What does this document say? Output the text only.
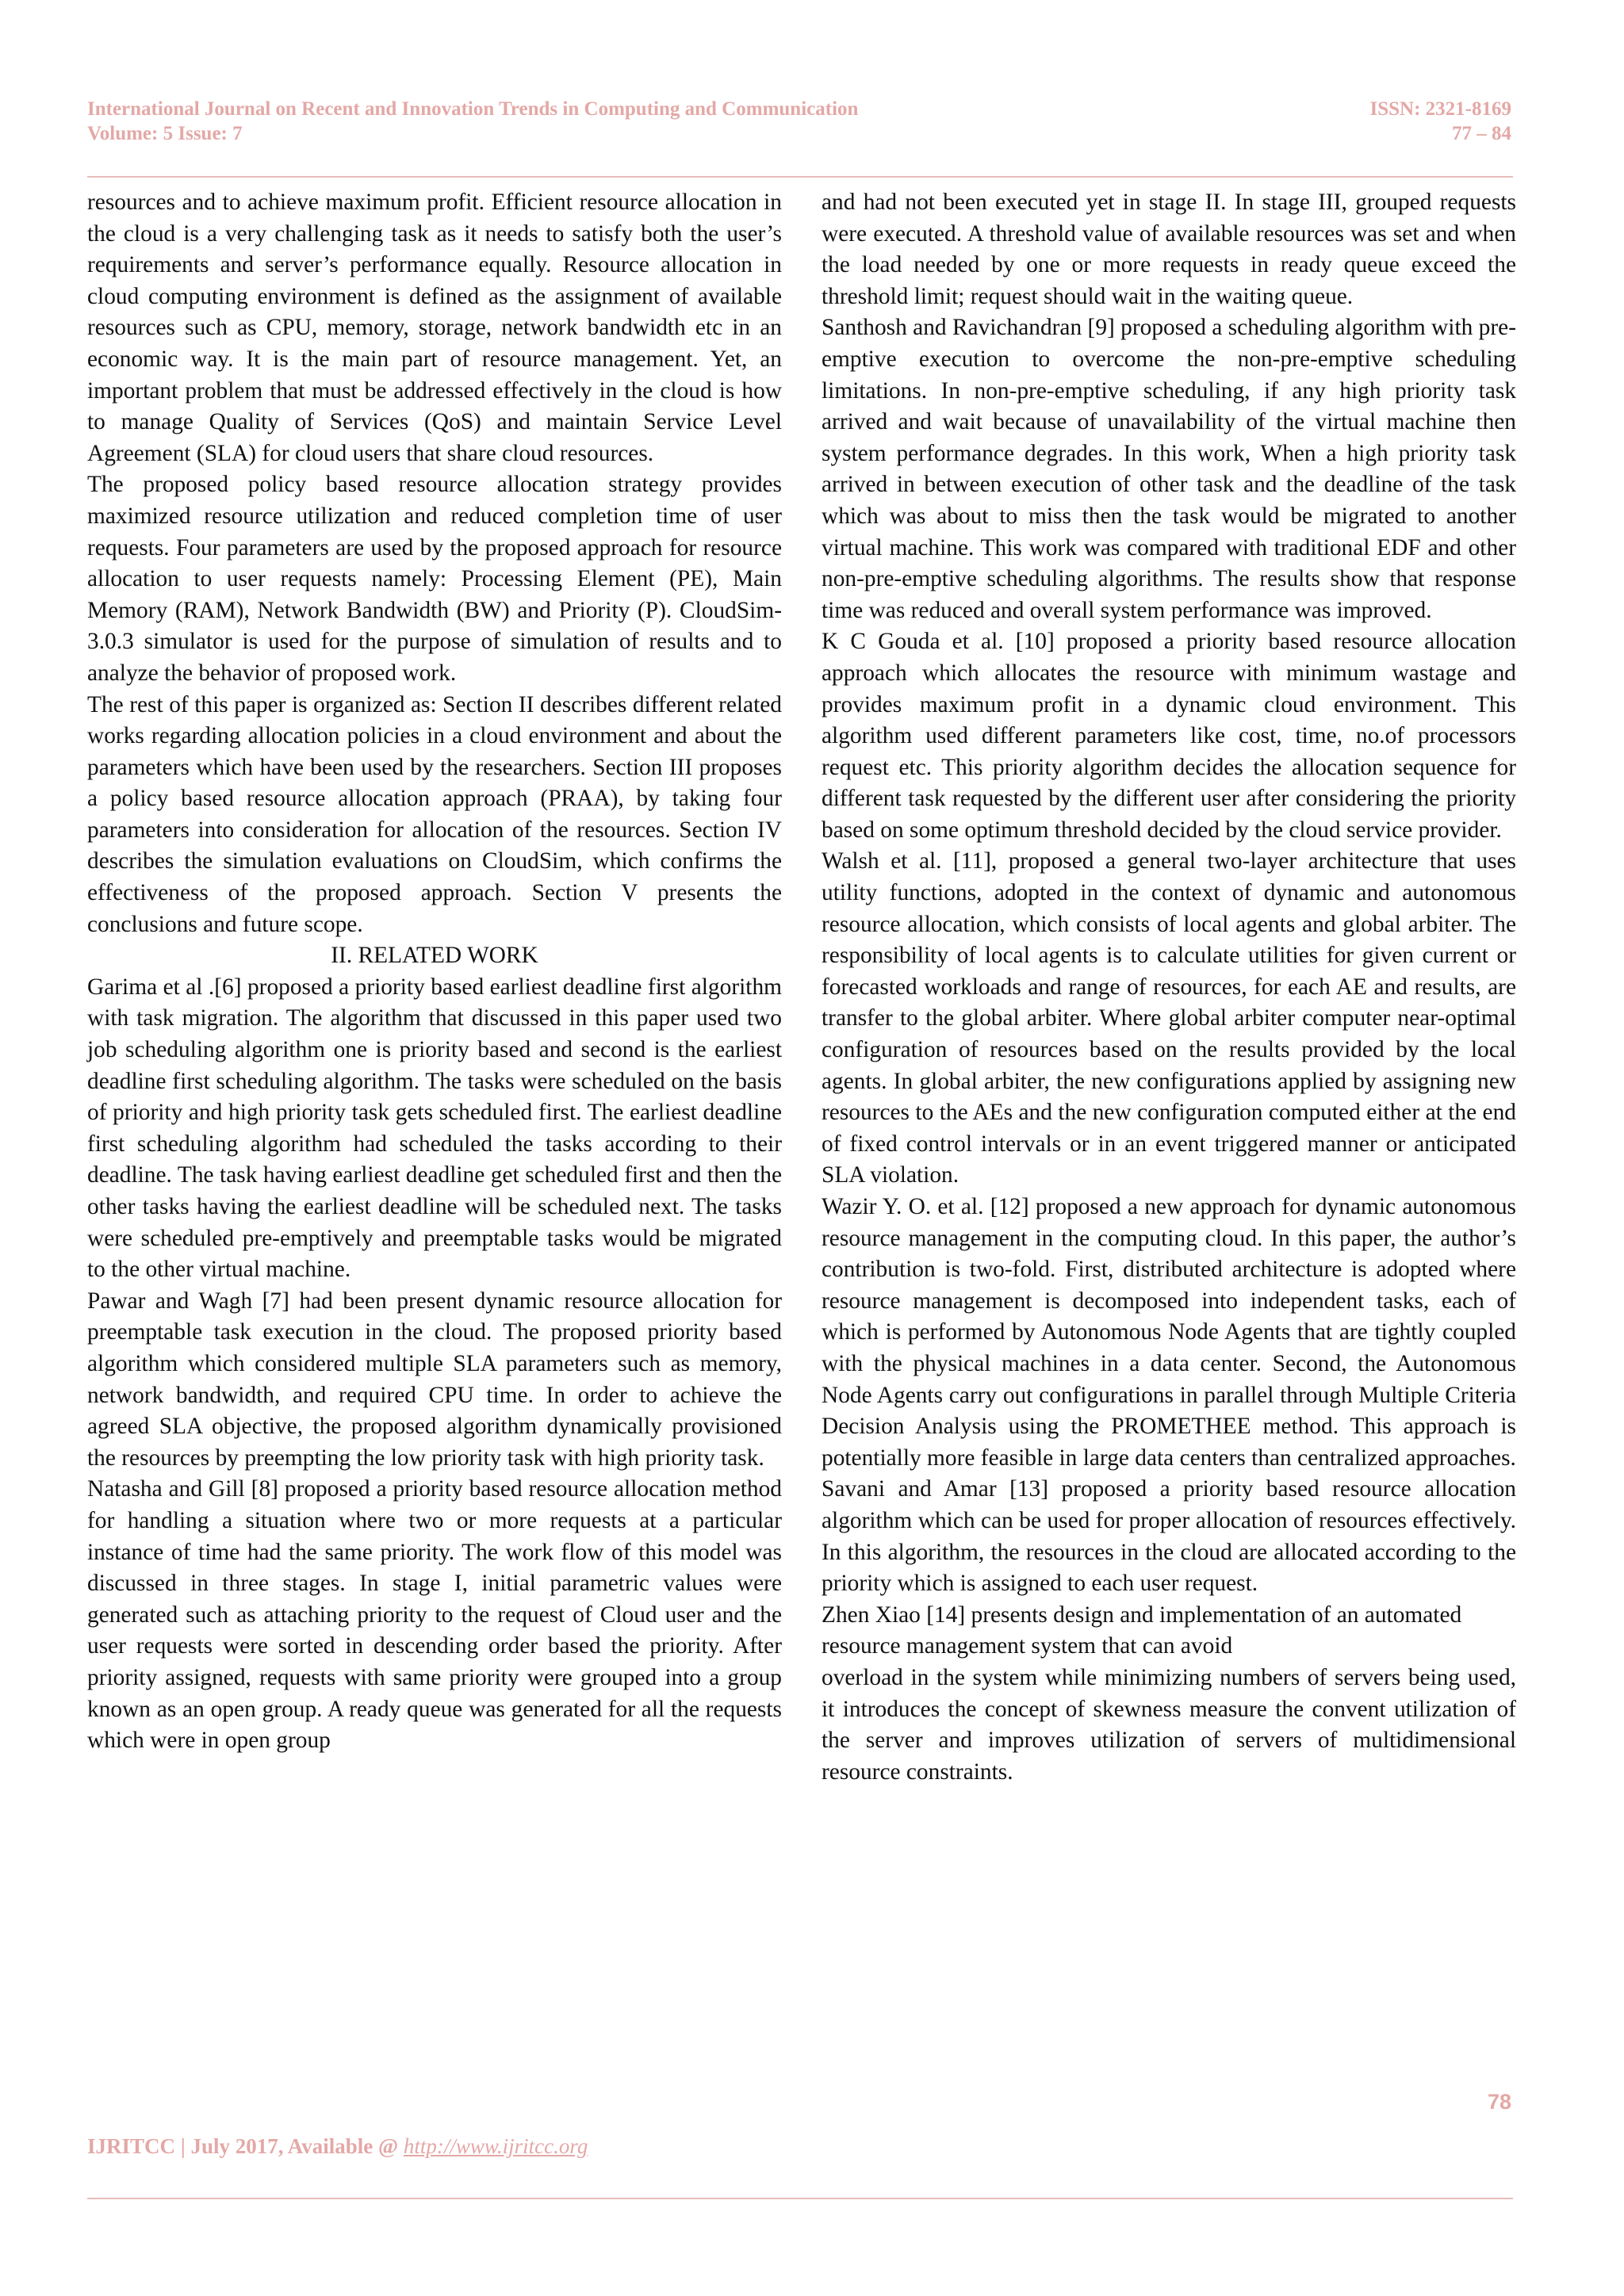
International Journal on Recent and Innovation Trends in Computing and Communication
Volume: 5 Issue: 7
ISSN: 2321-8169
77 – 84

resources and to achieve maximum profit. Efficient resource allocation in the cloud is a very challenging task as it needs to satisfy both the user’s requirements and server’s performance equally. Resource allocation in cloud computing environment is defined as the assignment of available resources such as CPU, memory, storage, network bandwidth etc in an economic way. It is the main part of resource management. Yet, an important problem that must be addressed effectively in the cloud is how to manage Quality of Services (QoS) and maintain Service Level Agreement (SLA) for cloud users that share cloud resources.

The proposed policy based resource allocation strategy provides maximized resource utilization and reduced completion time of user requests. Four parameters are used by the proposed approach for resource allocation to user requests namely: Processing Element (PE), Main Memory (RAM), Network Bandwidth (BW) and Priority (P). CloudSim-3.0.3 simulator is used for the purpose of simulation of results and to analyze the behavior of proposed work.

The rest of this paper is organized as: Section II describes different related works regarding allocation policies in a cloud environment and about the parameters which have been used by the researchers. Section III proposes a policy based resource allocation approach (PRAA), by taking four parameters into consideration for allocation of the resources. Section IV describes the simulation evaluations on CloudSim, which confirms the effectiveness of the proposed approach. Section V presents the conclusions and future scope.

II. RELATED WORK

Garima et al .[6] proposed a priority based earliest deadline first algorithm with task migration. The algorithm that discussed in this paper used two job scheduling algorithm one is priority based and second is the earliest deadline first scheduling algorithm. The tasks were scheduled on the basis of priority and high priority task gets scheduled first. The earliest deadline first scheduling algorithm had scheduled the tasks according to their deadline. The task having earliest deadline get scheduled first and then the other tasks having the earliest deadline will be scheduled next. The tasks were scheduled pre-emptively and preemptable tasks would be migrated to the other virtual machine.

Pawar and Wagh [7] had been present dynamic resource allocation for preemptable task execution in the cloud. The proposed priority based algorithm which considered multiple SLA parameters such as memory, network bandwidth, and required CPU time. In order to achieve the agreed SLA objective, the proposed algorithm dynamically provisioned the resources by preempting the low priority task with high priority task.

Natasha and Gill [8] proposed a priority based resource allocation method for handling a situation where two or more requests at a particular instance of time had the same priority. The work flow of this model was discussed in three stages. In stage I, initial parametric values were generated such as attaching priority to the request of Cloud user and the user requests were sorted in descending order based the priority. After priority assigned, requests with same priority were grouped into a group known as an open group. A ready queue was generated for all the requests which were in open group

and had not been executed yet in stage II. In stage III, grouped requests were executed. A threshold value of available resources was set and when the load needed by one or more requests in ready queue exceed the threshold limit; request should wait in the waiting queue.

Santhosh and Ravichandran [9] proposed a scheduling algorithm with pre-emptive execution to overcome the non-pre-emptive scheduling limitations. In non-pre-emptive scheduling, if any high priority task arrived and wait because of unavailability of the virtual machine then system performance degrades. In this work, When a high priority task arrived in between execution of other task and the deadline of the task which was about to miss then the task would be migrated to another virtual machine. This work was compared with traditional EDF and other non-pre-emptive scheduling algorithms. The results show that response time was reduced and overall system performance was improved.

K C Gouda et al. [10] proposed a priority based resource allocation approach which allocates the resource with minimum wastage and provides maximum profit in a dynamic cloud environment. This algorithm used different parameters like cost, time, no.of processors request etc. This priority algorithm decides the allocation sequence for different task requested by the different user after considering the priority based on some optimum threshold decided by the cloud service provider.

Walsh et al. [11], proposed a general two-layer architecture that uses utility functions, adopted in the context of dynamic and autonomous resource allocation, which consists of local agents and global arbiter. The responsibility of local agents is to calculate utilities for given current or forecasted workloads and range of resources, for each AE and results, are transfer to the global arbiter. Where global arbiter computer near-optimal configuration of resources based on the results provided by the local agents. In global arbiter, the new configurations applied by assigning new resources to the AEs and the new configuration computed either at the end of fixed control intervals or in an event triggered manner or anticipated SLA violation.

Wazir Y. O. et al. [12] proposed a new approach for dynamic autonomous resource management in the computing cloud. In this paper, the author’s contribution is two-fold. First, distributed architecture is adopted where resource management is decomposed into independent tasks, each of which is performed by Autonomous Node Agents that are tightly coupled with the physical machines in a data center. Second, the Autonomous Node Agents carry out configurations in parallel through Multiple Criteria Decision Analysis using the PROMETHEE method. This approach is potentially more feasible in large data centers than centralized approaches.

Savani and Amar [13] proposed a priority based resource allocation algorithm which can be used for proper allocation of resources effectively. In this algorithm, the resources in the cloud are allocated according to the priority which is assigned to each user request.

Zhen Xiao [14] presents design and implementation of an automated resource management system that can avoid

overload in the system while minimizing numbers of servers being used, it introduces the concept of skewness measure the convent utilization of the server and improves utilization of servers of multidimensional resource constraints.

78
IJRITCC | July 2017, Available @ http://www.ijritcc.org
